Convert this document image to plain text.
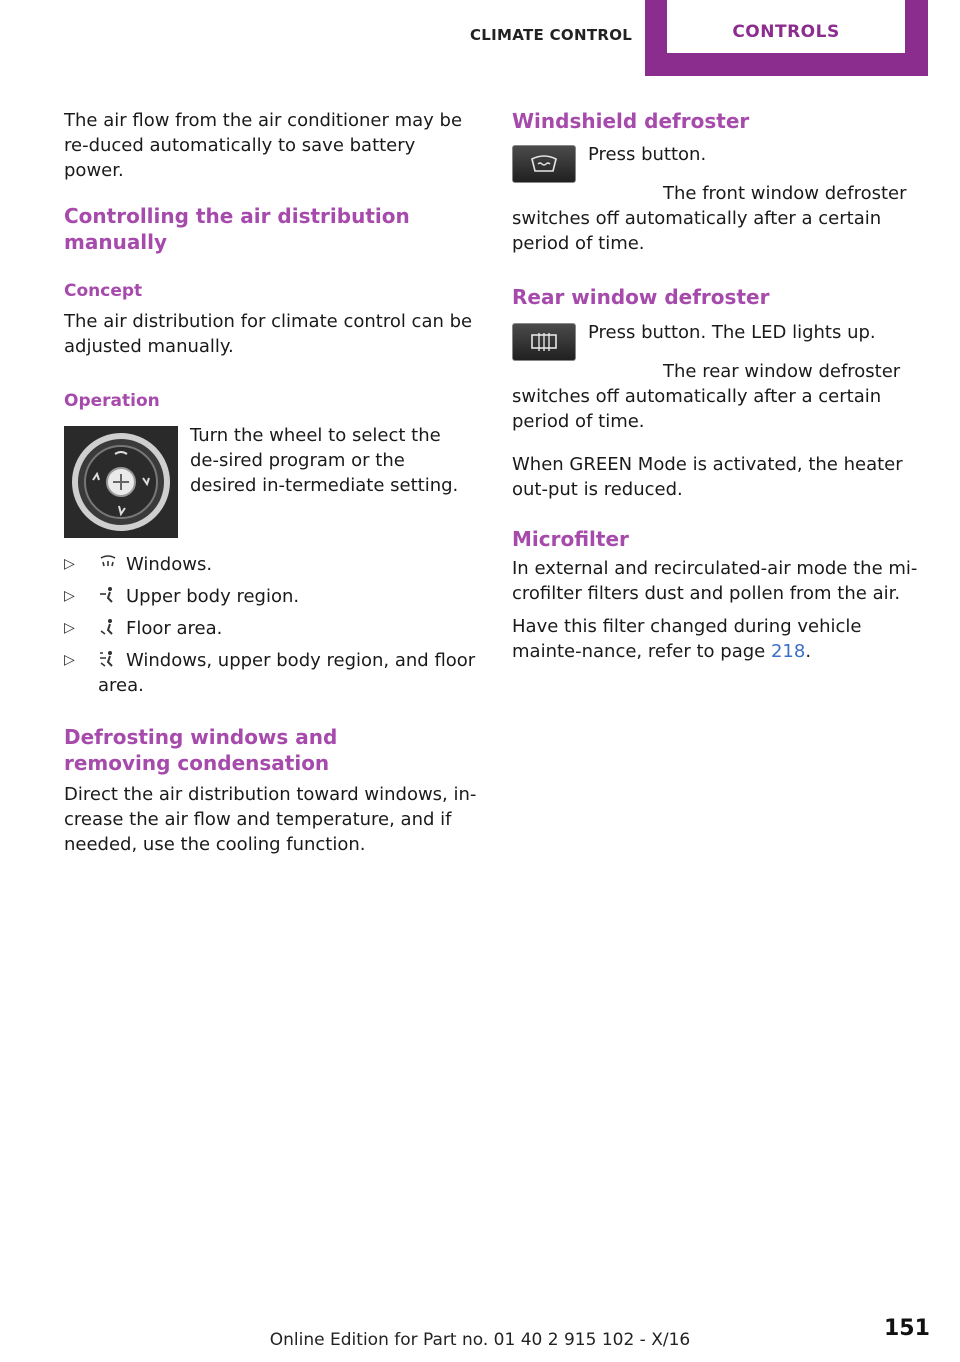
CLIMATE CONTROL	CONTROLS

The air flow from the air conditioner may be re-duced automatically to save battery power.

Controlling the air distribution manually
Concept

The air distribution for climate control can be adjusted manually.

Operation

Turn the wheel to select the de-sired program or the desired in-termediate setting.

▷	Windows.
▷	Upper body region.
▷	Floor area.
▷	Windows, upper body region, and floor area.
Defrosting windows and removing condensation

Direct the air distribution toward windows, in-crease the air flow and temperature, and if needed, use the cooling function.

Windshield defroster

Press button.

The front window defroster switches off automatically after a certain period of time.

Rear window defroster

Press button. The LED lights up.

The rear window defroster switches off automatically after a certain period of time.

When GREEN Mode is activated, the heater out-put is reduced.

Microfilter

In external and recirculated-air mode the mi-crofilter filters dust and pollen from the air.

Have this filter changed during vehicle mainte-nance, refer to page 218.

Online Edition for Part no. 01 40 2 915 102 - X/16	151
